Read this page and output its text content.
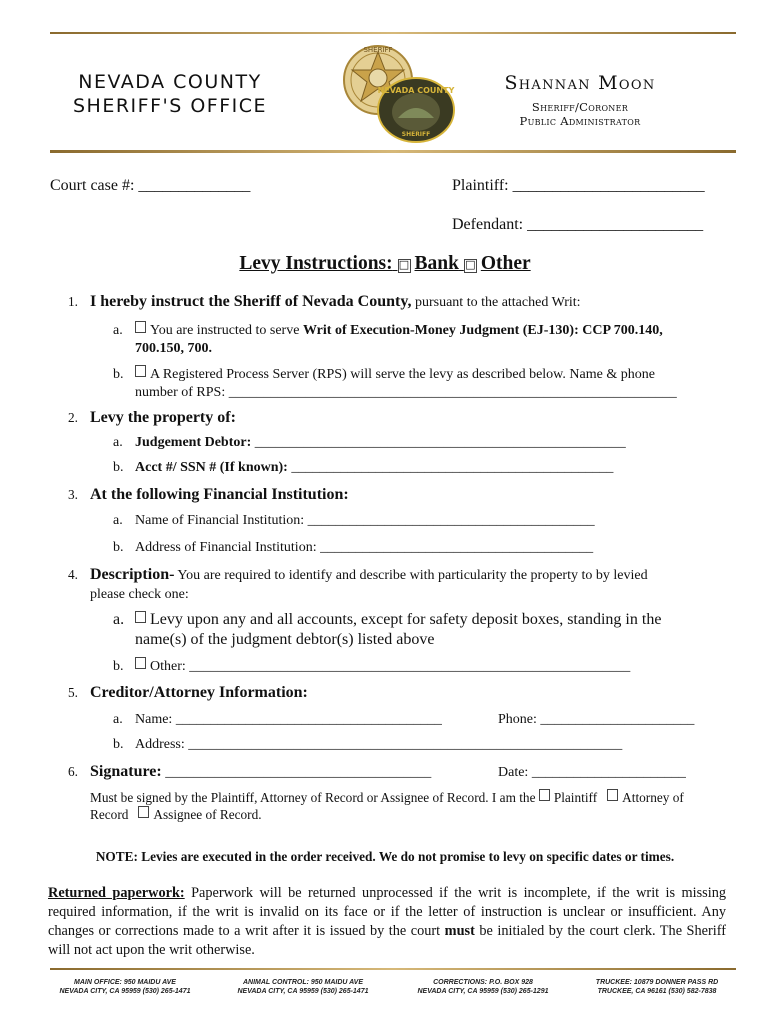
NEVADA COUNTY
SHERIFF'S OFFICE
SHERIFF
NEVADA COUNTY
SHERIFF
Shannan Moon
Sheriff/Coroner
Public Administrator
Court case #: ______________	Plaintiff: ________________________
Defendant: ______________________
Levy Instructions: □ Bank □ Other
1. I hereby instruct the Sheriff of Nevada County, pursuant to the attached Writ:
a. You are instructed to serve Writ of Execution-Money Judgment (EJ-130): CCP 700.140,
700.150, 700.
b. A Registered Process Server (RPS) will serve the levy as described below. Name & phone
number of RPS: ________________________________________________________________
2. Levy the property of:
a. Judgement Debtor: _____________________________________________________
b. Acct #/ SSN # (If known): ______________________________________________
3. At the following Financial Institution:
a. Name of Financial Institution: _________________________________________
b. Address of Financial Institution: _______________________________________
4. Description- You are required to identify and describe with particularity the property to by levied
please check one:
a. Levy upon any and all accounts, except for safety deposit boxes, standing in the
name(s) of the judgment debtor(s) listed above
b. Other: _______________________________________________________________
5. Creditor/Attorney Information:
a. Name: ______________________________________	Phone: ______________________
b. Address: ______________________________________________________________
6. Signature: ______________________________________	Date: ______________________
Must be signed by the Plaintiff, Attorney of Record or Assignee of Record. I am the Plaintiff Attorney of
Record Assignee of Record.
NOTE: Levies are executed in the order received. We do not promise to levy on specific dates or times.
Returned paperwork: Paperwork will be returned unprocessed if the writ is incomplete, if the writ is missing required information, if the writ is invalid on its face or if the letter of instruction is unclear or insufficient. Any changes or corrections made to a writ after it is issued by the court must be initialed by the court clerk. The Sheriff will not act upon the writ otherwise.
MAIN OFFICE: 950 MAIDU AVE
NEVADA CITY, CA 95959 (530) 265-1471
ANIMAL CONTROL: 950 MAIDU AVE
NEVADA CITY, CA 95959 (530) 265-1471
CORRECTIONS: P.O. BOX 928
NEVADA CITY, CA 95959 (530) 265-1291
TRUCKEE: 10879 DONNER PASS RD
TRUCKEE, CA 96161 (530) 582-7838
